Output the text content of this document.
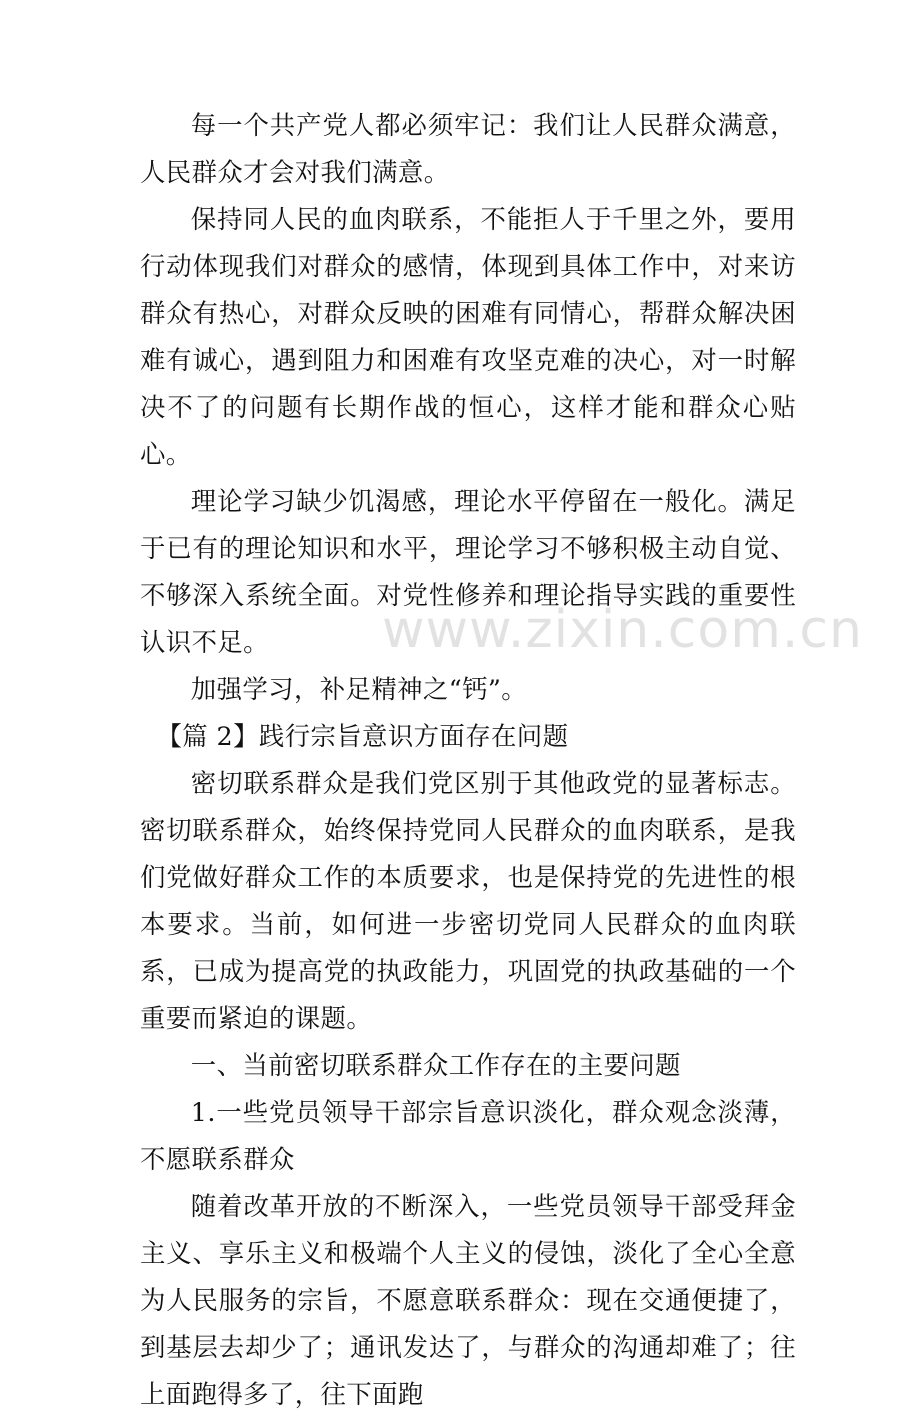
每一个共产党人都必须牢记：我们让人民群众满意，人民群众才会对我们满意。

保持同人民的血肉联系，不能拒人于千里之外，要用行动体现我们对群众的感情，体现到具体工作中，对来访群众有热心，对群众反映的困难有同情心，帮群众解决困难有诚心，遇到阻力和困难有攻坚克难的决心，对一时解决不了的问题有长期作战的恒心，这样才能和群众心贴心。

理论学习缺少饥渴感，理论水平停留在一般化。满足于已有的理论知识和水平，理论学习不够积极主动自觉、不够深入系统全面。对党性修养和理论指导实践的重要性认识不足。

加强学习，补足精神之“钙”。

【篇 2】践行宗旨意识方面存在问题

密切联系群众是我们党区别于其他政党的显著标志。密切联系群众，始终保持党同人民群众的血肉联系，是我们党做好群众工作的本质要求，也是保持党的先进性的根本要求。当前，如何进一步密切党同人民群众的血肉联系，已成为提高党的执政能力，巩固党的执政基础的一个重要而紧迫的课题。

一、当前密切联系群众工作存在的主要问题

1.一些党员领导干部宗旨意识淡化，群众观念淡薄，不愿联系群众

随着改革开放的不断深入，一些党员领导干部受拜金主义、享乐主义和极端个人主义的侵蚀，淡化了全心全意为人民服务的宗旨，不愿意联系群众：现在交通便捷了，到基层去却少了；通讯发达了，与群众的沟通却难了；往上面跑得多了，往下面跑

www.zixin.com.cn
